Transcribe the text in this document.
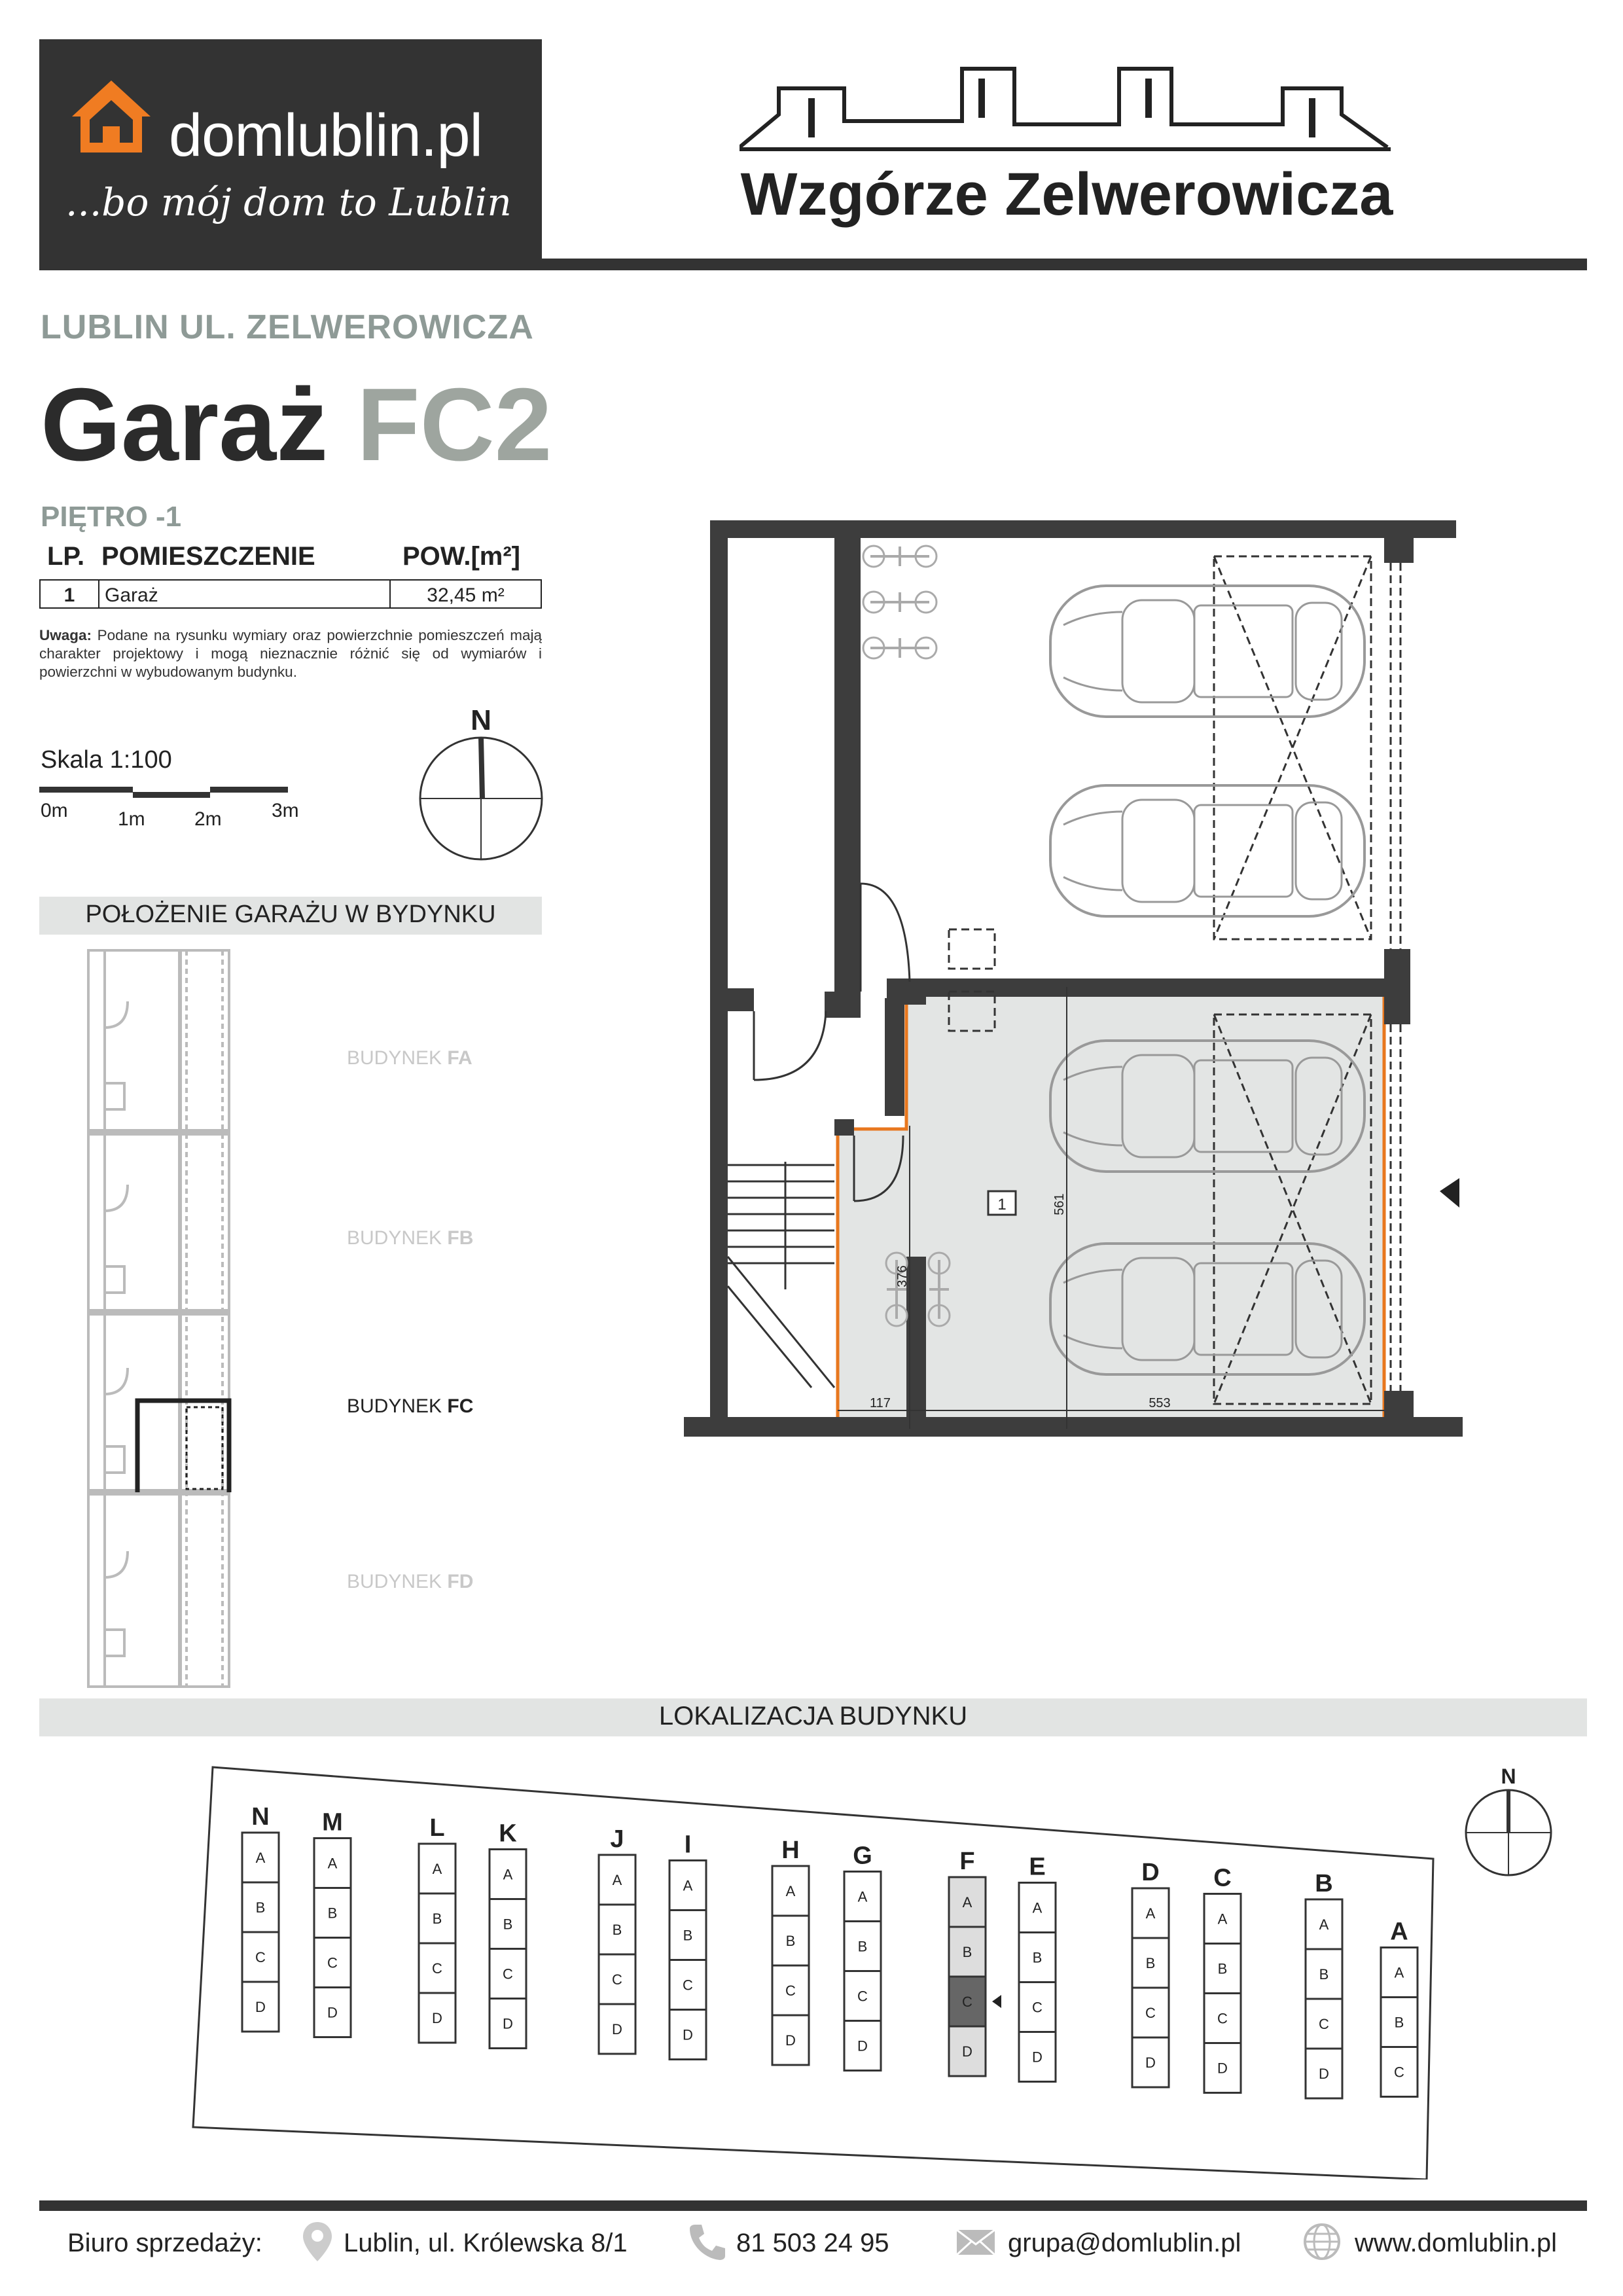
domlublin.pl
...bo mój dom to Lublin	Wzgórze Zelwerowicza
LUBLIN UL. ZELWEROWICZA
Garaż FC2
PIĘTRO -1
LP. POMIESZCZENIE	POW.[m²]
1	Garaż	32,45 m²
Uwaga: Podane na rysunku wymiary oraz powierzchnie pomieszczeń mają charakter projektowy i mogą nieznacznie różnić się od wymiarów i powierzchni w wybudowanym budynku.
Skala 1:100
0m	1m	2m	3m
N
POŁOŻENIE GARAŻU W BYDYNKU
BUDYNEK FA
BUDYNEK FB
BUDYNEK FC
BUDYNEK FD
1
117	553
561
376
LOKALIZACJA BUDYNKU
N
A
B
C
D
M
A
B
C
D
L
A
B
C
D
K
A
B
C
D
J
A
B
C
D
I
A
B
C
D
H
A
B
C
D
G
A
B
C
D
F
A
B
C
D
E
A
B
C
D
D
A
B
C
D
C
A
B
C
D
B
A
B
C
D
A
A
B
C
N
Biuro sprzedaży:	Lublin, ul. Królewska 8/1	81 503 24 95	grupa@domlublin.pl	www.domlublin.pl
